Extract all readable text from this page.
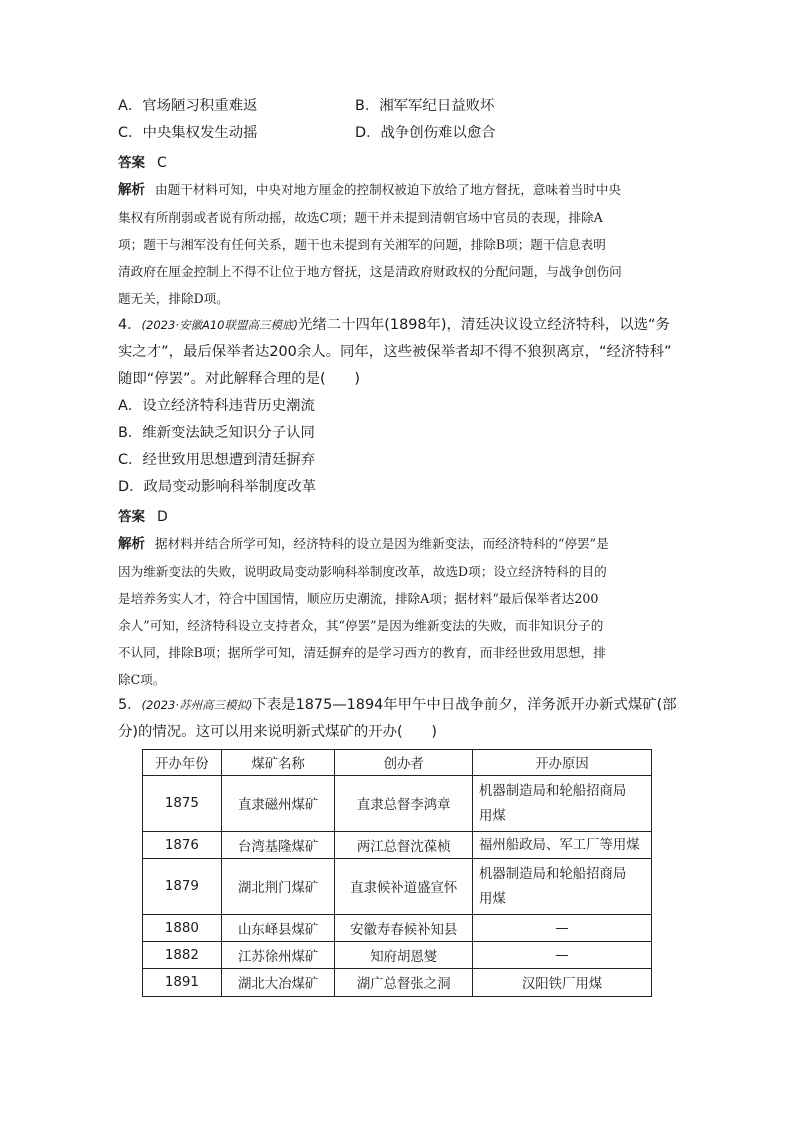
A．官场陋习积重难返	B．湘军军纪日益败坏
C．中央集权发生动摇	D．战争创伤难以愈合
答案 C
解析 由题干材料可知，中央对地方厘金的控制权被迫下放给了地方督抚，意味着当时中央
集权有所削弱或者说有所动摇，故选C项；题干并未提到清朝官场中官员的表现，排除A
项；题干与湘军没有任何关系，题干也未提到有关湘军的问题，排除B项；题干信息表明
清政府在厘金控制上不得不让位于地方督抚，这是清政府财政权的分配问题，与战争创伤问
题无关，排除D项。
4．(2023·安徽A10联盟高三模底)光绪二十四年(1898年)，清廷决议设立经济特科，以选“务
实之才”，最后保举者达200余人。同年，这些被保举者却不得不狼狈离京，“经济特科”
随即“停罢”。对此解释合理的是(　　)
A．设立经济特科违背历史潮流
B．维新变法缺乏知识分子认同
C．经世致用思想遭到清廷摒弃
D．政局变动影响科举制度改革
答案 D
解析 据材料并结合所学可知，经济特科的设立是因为维新变法，而经济特科的“停罢”是
因为维新变法的失败，说明政局变动影响科举制度改革，故选D项；设立经济特科的目的
是培养务实人才，符合中国国情，顺应历史潮流，排除A项；据材料“最后保举者达200
余人”可知，经济特科设立支持者众，其“停罢”是因为维新变法的失败，而非知识分子的
不认同，排除B项；据所学可知，清廷摒弃的是学习西方的教育，而非经世致用思想，排
除C项。
5．(2023·苏州高三模拟)下表是1875—1894年甲午中日战争前夕，洋务派开办新式煤矿(部
分)的情况。这可以用来说明新式煤矿的开办(　　)
开办年份	煤矿名称	创办者	开办原因
1875	直隶磁州煤矿	直隶总督李鸿章	机器制造局和轮船招商局
用煤
1876	台湾基隆煤矿	两江总督沈葆桢	福州船政局、军工厂等用煤
1879	湖北荆门煤矿	直隶候补道盛宣怀	机器制造局和轮船招商局
用煤
1880	山东峄县煤矿	安徽寿春候补知县	—
1882	江苏徐州煤矿	知府胡恩燮	—
1891	湖北大冶煤矿	湖广总督张之洞	汉阳铁厂用煤
